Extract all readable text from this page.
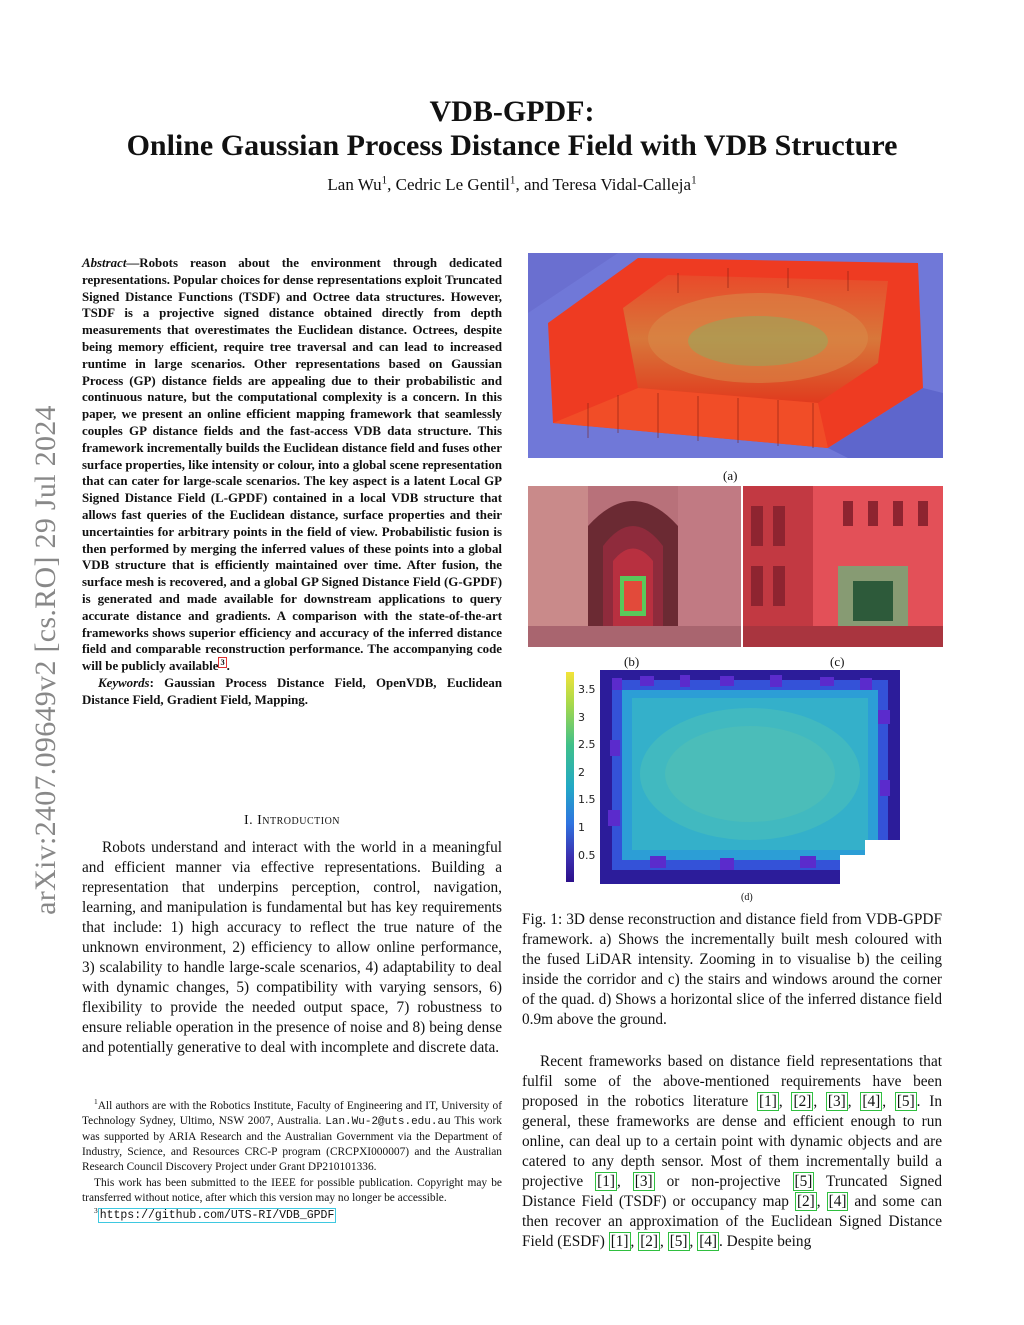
arXiv:2407.09649v2 [cs.RO] 29 Jul 2024
VDB-GPDF:
Online Gaussian Process Distance Field with VDB Structure
Lan Wu$^1$, Cedric Le Gentil$^1$, and Teresa Vidal-Calleja$^1$
Abstract—Robots reason about the environment through dedicated representations. Popular choices for dense representations exploit Truncated Signed Distance Functions (TSDF) and Octree data structures. However, TSDF is a projective signed distance obtained directly from depth measurements that overestimates the Euclidean distance. Octrees, despite being memory efficient, require tree traversal and can lead to increased runtime in large scenarios. Other representations based on Gaussian Process (GP) distance fields are appealing due to their probabilistic and continuous nature, but the computational complexity is a concern. In this paper, we present an online efficient mapping framework that seamlessly couples GP distance fields and the fast-access VDB data structure. This framework incrementally builds the Euclidean distance field and fuses other surface properties, like intensity or colour, into a global scene representation that can cater for large-scale scenarios. The key aspect is a latent Local GP Signed Distance Field (L-GPDF) contained in a local VDB structure that allows fast queries of the Euclidean distance, surface properties and their uncertainties for arbitrary points in the field of view. Probabilistic fusion is then performed by merging the inferred values of these points into a global VDB structure that is efficiently maintained over time. After fusion, the surface mesh is recovered, and a global GP Signed Distance Field (G-GPDF) is generated and made available for downstream applications to query accurate distance and gradients. A comparison with the state-of-the-art frameworks shows superior efficiency and accuracy of the inferred distance field and comparable reconstruction performance. The accompanying code will be publicly available $^3$ .
Keywords: Gaussian Process Distance Field, OpenVDB, Euclidean Distance Field, Gradient Field, Mapping.
I. Introduction

Robots understand and interact with the world in a meaningful and efficient manner via effective representations. Building a representation that underpins perception, control, navigation, learning, and manipulation is fundamental but has key requirements that include: 1) high accuracy to reflect the true nature of the unknown environment, 2) efficiency to allow online performance, 3) scalability to handle large-scale scenarios, 4) adaptability to deal with dynamic changes, 5) compatibility with varying sensors, 6) flexibility to provide the needed output space, 7) robustness to ensure reliable operation in the presence of noise and 8) being dense and potentially generative to deal with incomplete and discrete data.

$^1$All authors are with the Robotics Institute, Faculty of Engineering and IT, University of Technology Sydney, Ultimo, NSW 2007, Australia. Lan.Wu-2@uts.edu.au This work was supported by ARIA Research and the Australian Government via the Department of Industry, Science, and Resources CRC-P program (CRCPXI000007) and the Australian Research Council Discovery Project under Grant DP210101336.

This work has been submitted to the IEEE for possible publication. Copyright may be transferred without notice, after which this version may no longer be accessible.

$^3$ https://github.com/UTS-RI/VDB_GPDF

(a)
(b)	(c)
3.5
3
2.5
2
1.5
1
0.5
(d)
Fig. 1: 3D dense reconstruction and distance field from VDB-GPDF framework. a) Shows the incrementally built mesh coloured with the fused LiDAR intensity. Zooming in to visualise b) the ceiling inside the corridor and c) the stairs and windows around the corner of the quad. d) Shows a horizontal slice of the inferred distance field 0.9m above the ground.

Recent frameworks based on distance field representations that fulfil some of the above-mentioned requirements have been proposed in the robotics literature [1] , [2] , [3] , [4] , [5] . In general, these frameworks are dense and efficient enough to run online, can deal up to a certain point with dynamic objects and are catered to any depth sensor. Most of them incrementally build a projective [1] , [3] or non-projective [5] Truncated Signed Distance Field (TSDF) or occupancy map [2] , [4] and some can then recover an approximation of the Euclidean Signed Distance Field (ESDF) [1] , [2] , [5] , [4] . Despite being
